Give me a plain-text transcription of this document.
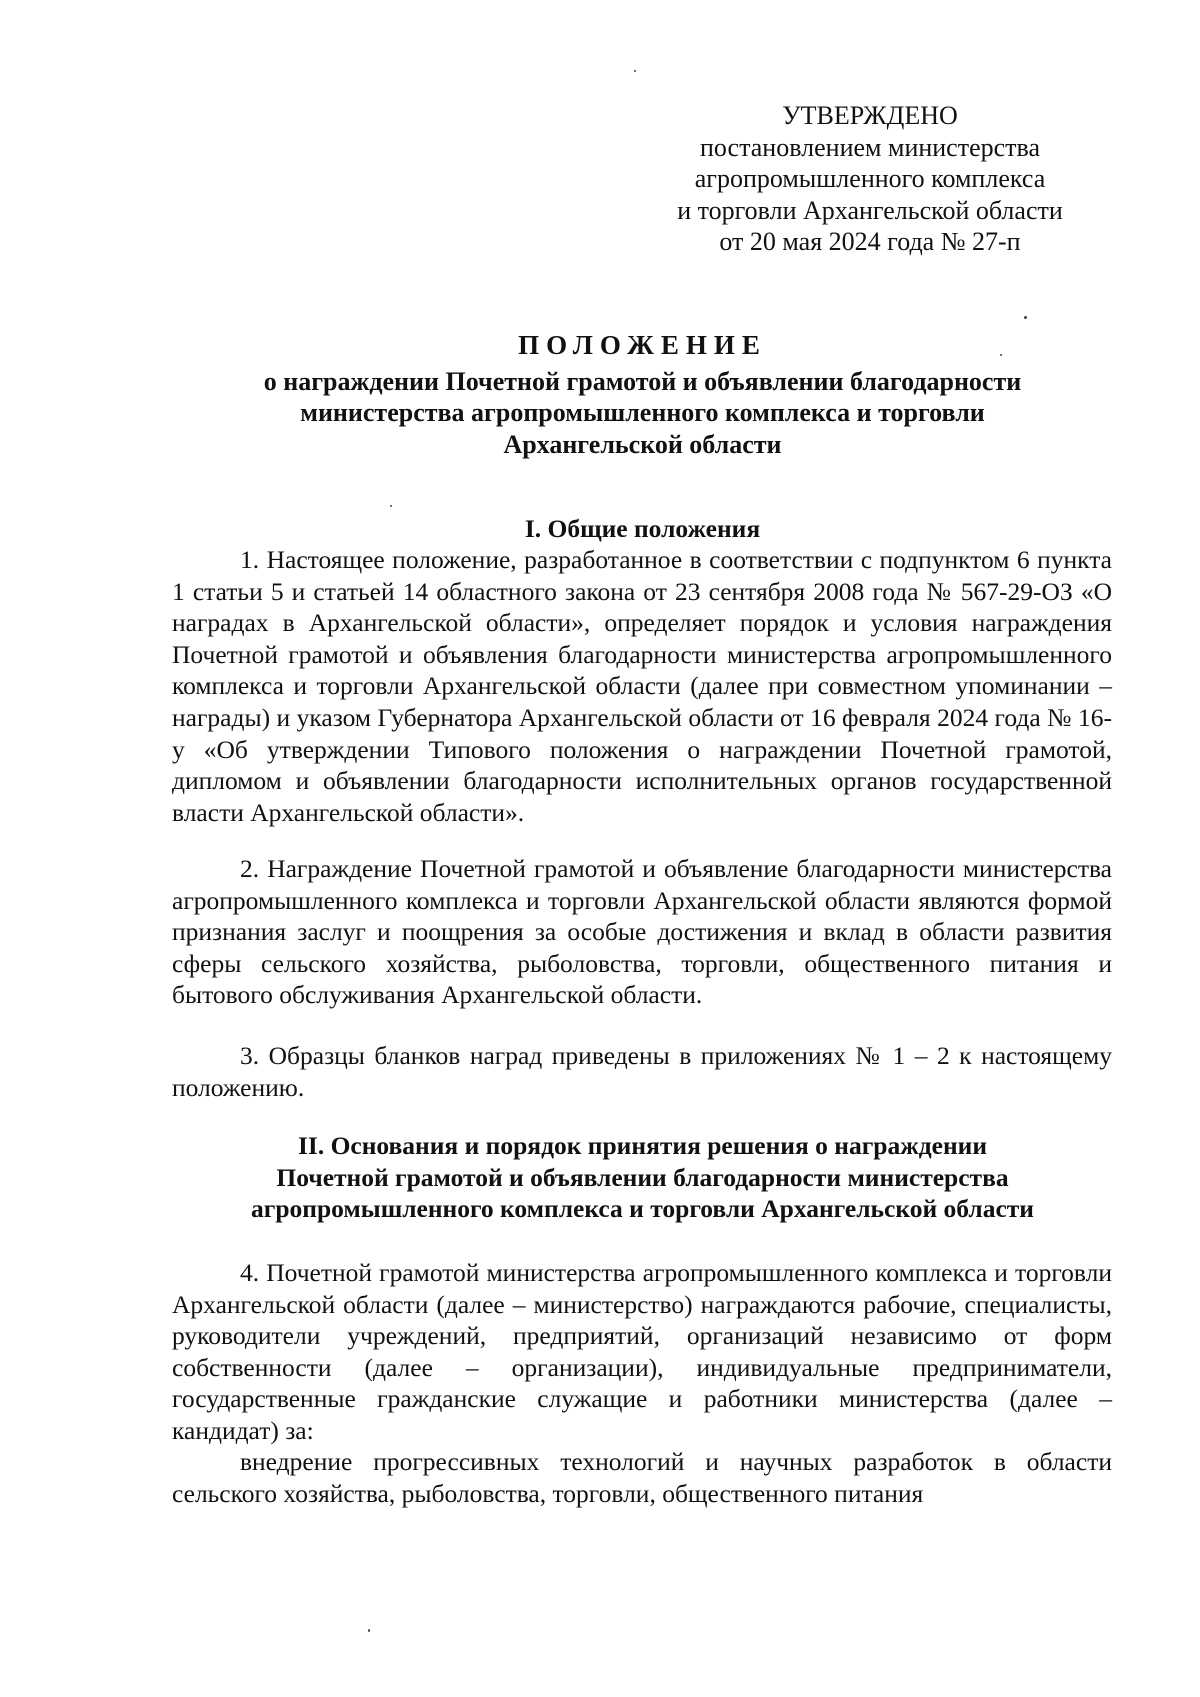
УТВЕРЖДЕНО
постановлением министерства
агропромышленного комплекса
и торговли Архангельской области
от 20 мая 2024 года № 27-п
ПОЛОЖЕНИЕ
о награждении Почетной грамотой и объявлении благодарности
министерства агропромышленного комплекса и торговли
Архангельской области
I. Общие положения

1. Настоящее положение, разработанное в соответствии с подпунктом 6 пункта 1 статьи 5 и статьей 14 областного закона от 23 сентября 2008 года № 567-29-ОЗ «О наградах в Архангельской области», определяет порядок и условия награждения Почетной грамотой и объявления благодарности министерства агропромышленного комплекса и торговли Архангельской области (далее при совместном упоминании – награды) и указом Губернатора Архангельской области от 16 февраля 2024 года № 16-у «Об утверждении Типового положения о награждении Почетной грамотой, дипломом и объявлении благодарности исполнительных органов государственной власти Архангельской области».

2. Награждение Почетной грамотой и объявление благодарности министерства агропромышленного комплекса и торговли Архангельской области являются формой признания заслуг и поощрения за особые достижения и вклад в области развития сферы сельского хозяйства, рыболовства, торговли, общественного питания и бытового обслуживания Архангельской области.

3. Образцы бланков наград приведены в приложениях № 1 – 2 к настоящему положению.

II. Основания и порядок принятия решения о награждении
Почетной грамотой и объявлении благодарности министерства
агропромышленного комплекса и торговли Архангельской области

4. Почетной грамотой министерства агропромышленного комплекса и торговли Архангельской области (далее – министерство) награждаются рабочие, специалисты, руководители учреждений, предприятий, организаций независимо от форм собственности (далее – организации), индивидуальные предприниматели, государственные гражданские служащие и работники министерства (далее – кандидат) за:

внедрение прогрессивных технологий и научных разработок в области сельского хозяйства, рыболовства, торговли, общественного питания
